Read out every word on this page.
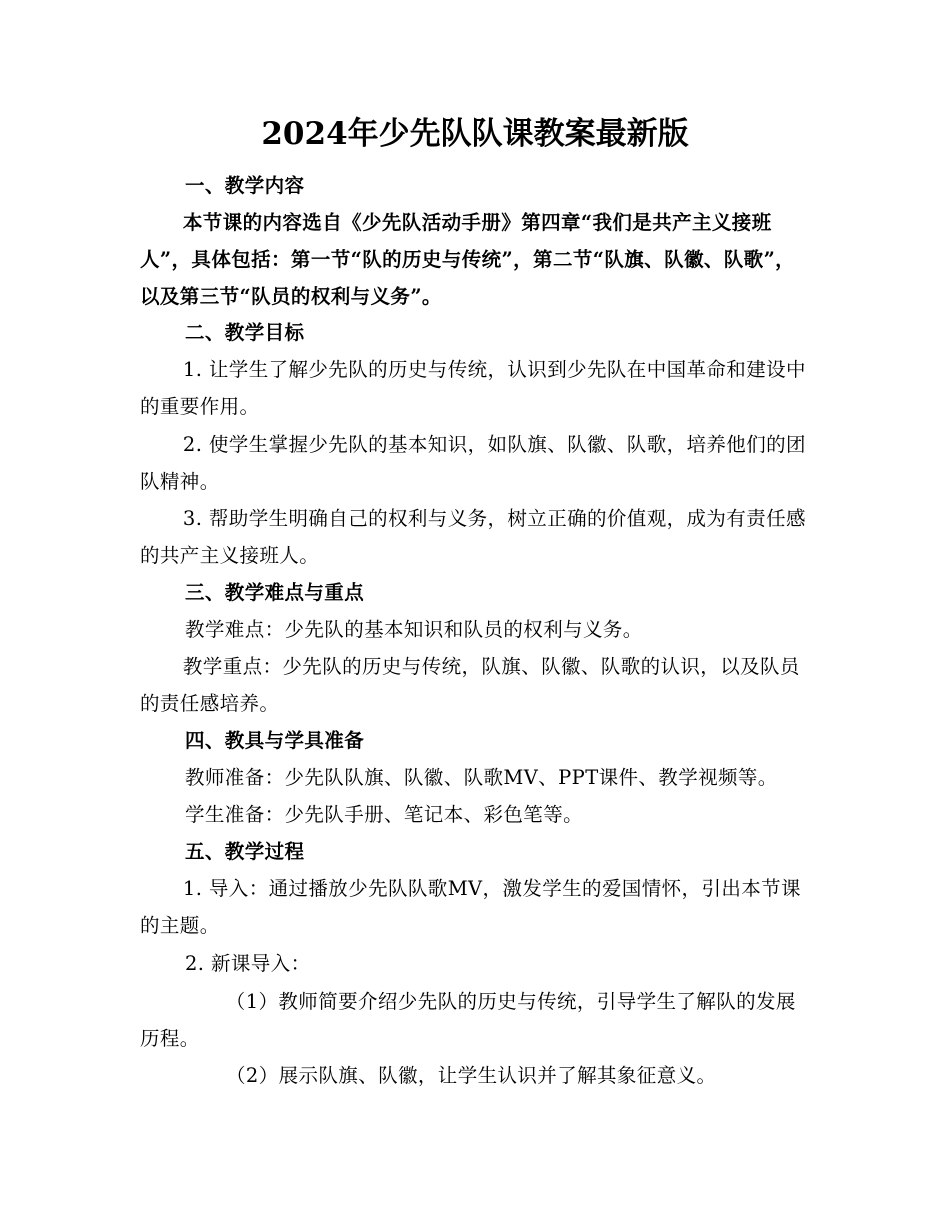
2024年少先队队课教案最新版
一、教学内容

本节课的内容选自《少先队活动手册》第四章“我们是共产主义接班人”，具体包括：第一节“队的历史与传统”，第二节“队旗、队徽、队歌”，以及第三节“队员的权利与义务”。

二、教学目标

1. 让学生了解少先队的历史与传统，认识到少先队在中国革命和建设中的重要作用。

2. 使学生掌握少先队的基本知识，如队旗、队徽、队歌，培养他们的团队精神。

3. 帮助学生明确自己的权利与义务，树立正确的价值观，成为有责任感的共产主义接班人。

三、教学难点与重点
教学难点：少先队的基本知识和队员的权利与义务。

教学重点：少先队的历史与传统，队旗、队徽、队歌的认识，以及队员的责任感培养。

四、教具与学具准备
教师准备：少先队队旗、队徽、队歌MV、PPT课件、教学视频等。
学生准备：少先队手册、笔记本、彩色笔等。
五、教学过程

1. 导入：通过播放少先队队歌MV，激发学生的爱国情怀，引出本节课的主题。

2. 新课导入：

（1）教师简要介绍少先队的历史与传统，引导学生了解队的发展历程。

（2）展示队旗、队徽，让学生认识并了解其象征意义。
